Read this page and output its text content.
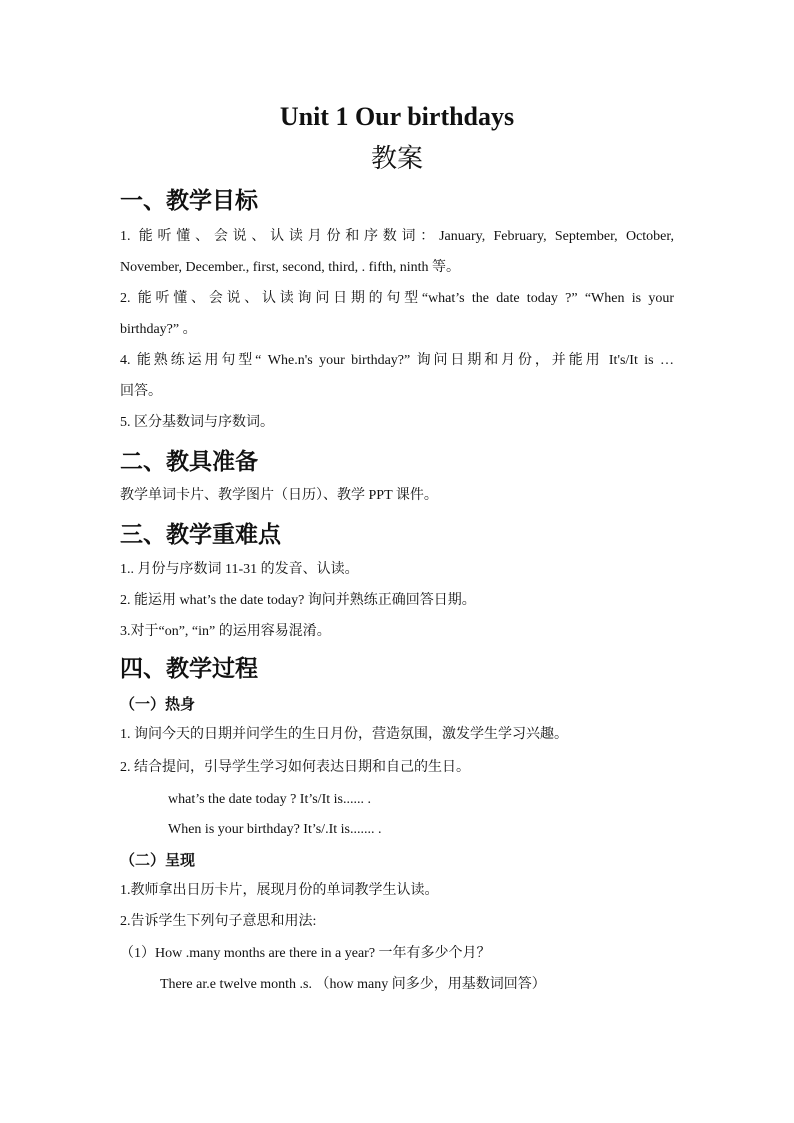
Unit 1 Our birthdays
教案
一、教学目标

1. 能听懂、会说、认读月份和序数词：January, February, September, October,

November, December., first, second, third, . fifth, ninth 等。

2. 能听懂、会说、认读询问日期的句型“what’s the date today ?” “When is your

birthday?” 。

4. 能熟练运用句型“ Whe.n's your birthday?” 询问日期和月份，并能用 It's/It is …

回答。

5. 区分基数词与序数词。

二、教具准备

教学单词卡片、教学图片（日历）、教学 PPT 课件。

三、教学重难点

1.. 月份与序数词 11-31 的发音、认读。

2. 能运用 what’s the date today? 询问并熟练正确回答日期。

3.对于“on”, “in” 的运用容易混淆。

四、教学过程
（一）热身

1. 询问今天的日期并问学生的生日月份，营造氛围，激发学生学习兴趣。

2. 结合提问，引导学生学习如何表达日期和自己的生日。

what’s the date today ? It’s/It is...... .

When is your birthday? It’s/.It is....... .

（二）呈现

1.教师拿出日历卡片，展现月份的单词教学生认读。

2.告诉学生下列句子意思和用法:

（1）How .many months are there in a year? 一年有多少个月？

There ar.e twelve month .s. （how many 问多少，用基数词回答）
